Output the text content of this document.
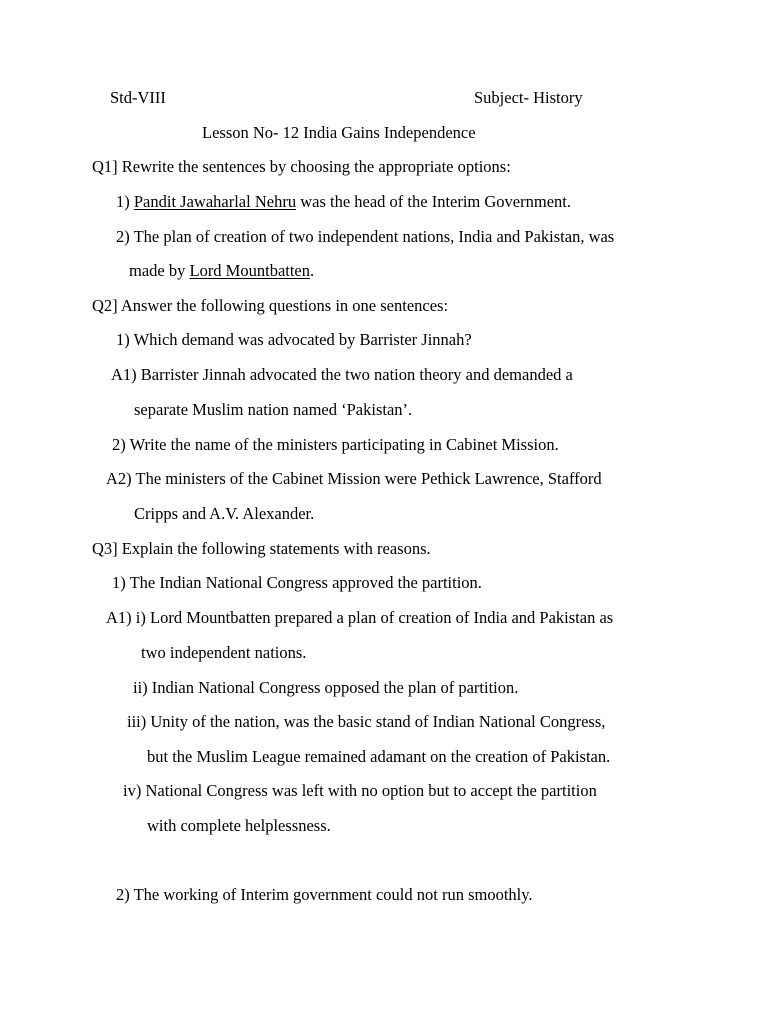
Std-VIII	Subject- History
Lesson No- 12 India Gains Independence
Q1] Rewrite the sentences by choosing the appropriate options:
1) Pandit Jawaharlal Nehru was the head of the Interim Government.
2) The plan of creation of two independent nations, India and Pakistan, was
made by Lord Mountbatten.
Q2] Answer the following questions in one sentences:
1) Which demand was advocated by Barrister Jinnah?
A1) Barrister Jinnah advocated the two nation theory and demanded a
separate Muslim nation named ‘Pakistan’.
2) Write the name of the ministers participating in Cabinet Mission.
A2) The ministers of the Cabinet Mission were Pethick Lawrence, Stafford
Cripps and A.V. Alexander.
Q3] Explain the following statements with reasons.
1) The Indian National Congress approved the partition.
A1) i) Lord Mountbatten prepared a plan of creation of India and Pakistan as
two independent nations.
ii) Indian National Congress opposed the plan of partition.
iii) Unity of the nation, was the basic stand of Indian National Congress,
but the Muslim League remained adamant on the creation of Pakistan.
iv) National Congress was left with no option but to accept the partition
with complete helplessness.
2) The working of Interim government could not run smoothly.
